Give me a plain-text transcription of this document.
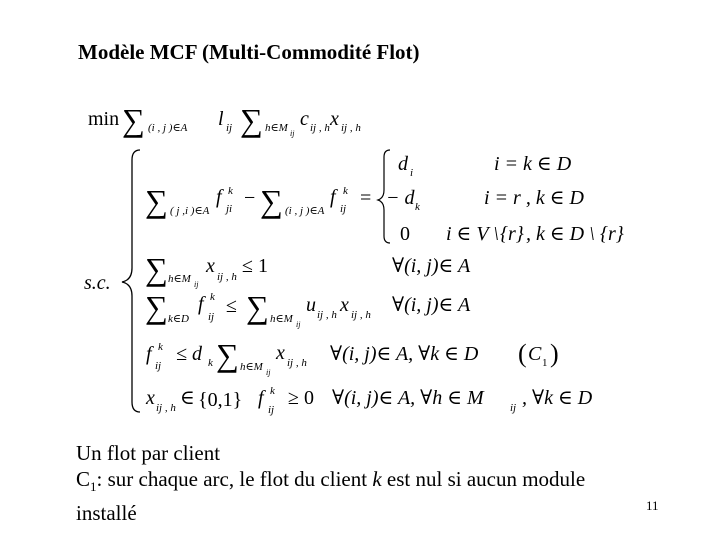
Modèle MCF (Multi-Commodité Flot)
min ∑ (i , j )∈A l ij ∑ h∈M ij
c ij , h x ij , h
s.c.
∑ ( j ,i )∈A
f k
ji − ∑ (i , j )∈A
f k
ij =
d i	i = k ∈ D
− d k	i = r , k ∈ D
0 i ∈ V \ {r} , k ∈ D \ {r}
∑ h∈M ij
x ij , h ≤ 1	∀(i, j)∈ A
∑ k∈D
f k
ij ≤ ∑ h∈M ij
u ij , h x ij , h ∀(i, j)∈ A
f k
ij
≤ d k ∑ h∈M ij
x ij , h ∀(i, j)∈ A, ∀k ∈ D ( C 1 )
x ij , h ∈ {0,1} f k
ij
≥ 0 ∀(i, j)∈ A, ∀h ∈ M ij , ∀k ∈ D

Un flot par client

$C_1$: sur chaque arc, le flot du client k est nul si aucun module

installé	11
